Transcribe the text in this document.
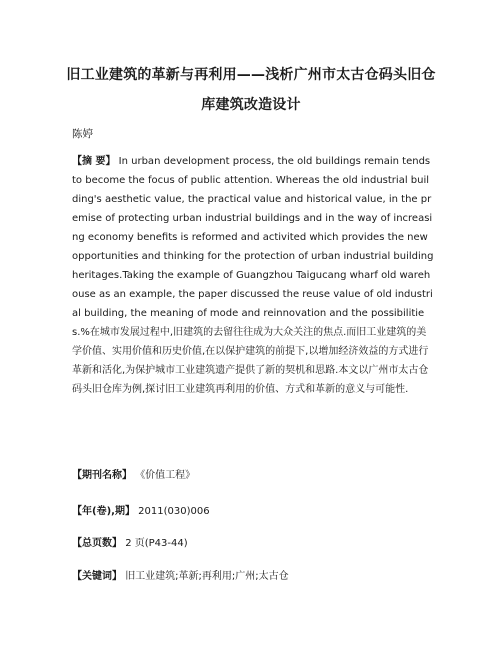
旧工业建筑的革新与再利用——浅析广州市太古仓码头旧仓
库建筑改造设计

陈婷

【摘 要】 In urban development process, the old buildings remain tends to become the focus of public attention. Whereas the old industrial building's aesthetic value, the practical value and historical value, in the premise of protecting urban industrial buildings and in the way of increasing economy benefits is reformed and activited which provides the new opportunities and thinking for the protection of urban industrial building heritages.Taking the example of Guangzhou Taigucang wharf old warehouse as an example, the paper discussed the reuse value of old industrial building, the meaning of mode and reinnovation and the possibilities.%在城市发展过程中,旧建筑的去留往往成为大众关注的焦点.而旧工业建筑的美学价值、实用价值和历史价值,在以保护建筑的前提下,以增加经济效益的方式进行革新和活化,为保护城市工业建筑遗产提供了新的契机和思路.本文以广州市太古仓码头旧仓库为例,探讨旧工业建筑再利用的价值、方式和革新的意义与可能性.

【期刊名称】 《价值工程》

【年(卷),期】 2011(030)006

【总页数】 2 页(P43-44)

【关键词】 旧工业建筑;革新;再利用;广州;太古仓
